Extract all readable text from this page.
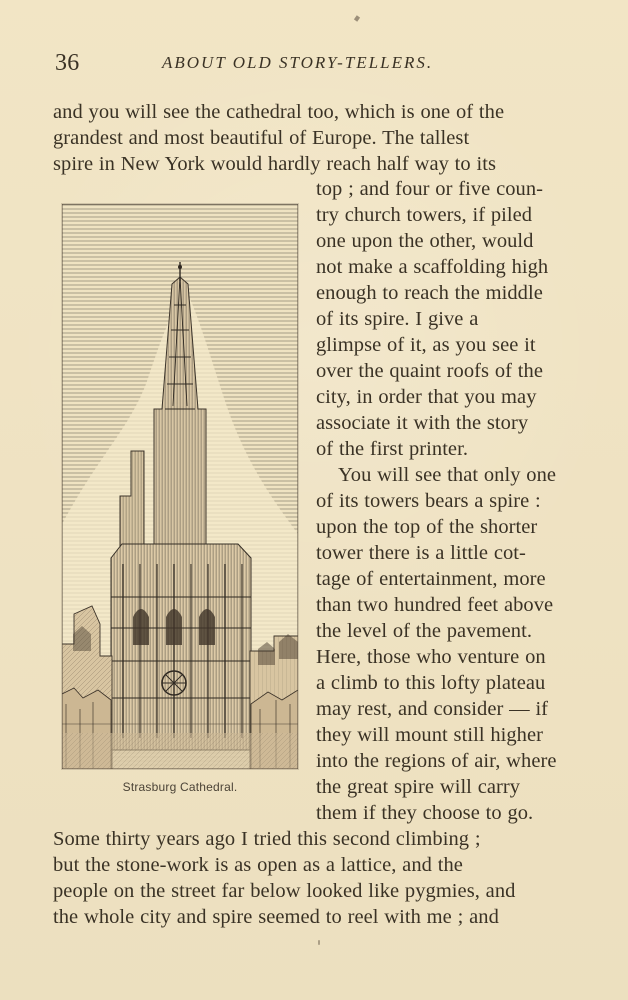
36	ABOUT OLD STORY-TELLERS.
and you will see the cathedral too, which is one of the
grandest and most beautiful of Europe. The tallest
spire in New York would hardly reach half way to its
top ; and four or five coun-
try church towers, if piled
one upon the other, would
not make a scaffolding high
enough to reach the middle
of its spire. I give a
glimpse of it, as you see it
over the quaint roofs of the
city, in order that you may
associate it with the story
of the first printer.
You will see that only one
of its towers bears a spire :
upon the top of the shorter
tower there is a little cot-
tage of entertainment, more
than two hundred feet above
the level of the pavement.
Here, those who venture on
a climb to this lofty plateau
may rest, and consider — if
they will mount still higher
into the regions of air, where
the great spire will carry
them if they choose to go.
Some thirty years ago I tried this second climbing ;
but the stone-work is as open as a lattice, and the
people on the street far below looked like pygmies, and
the whole city and spire seemed to reel with me ; and
Strasburg Cathedral.
